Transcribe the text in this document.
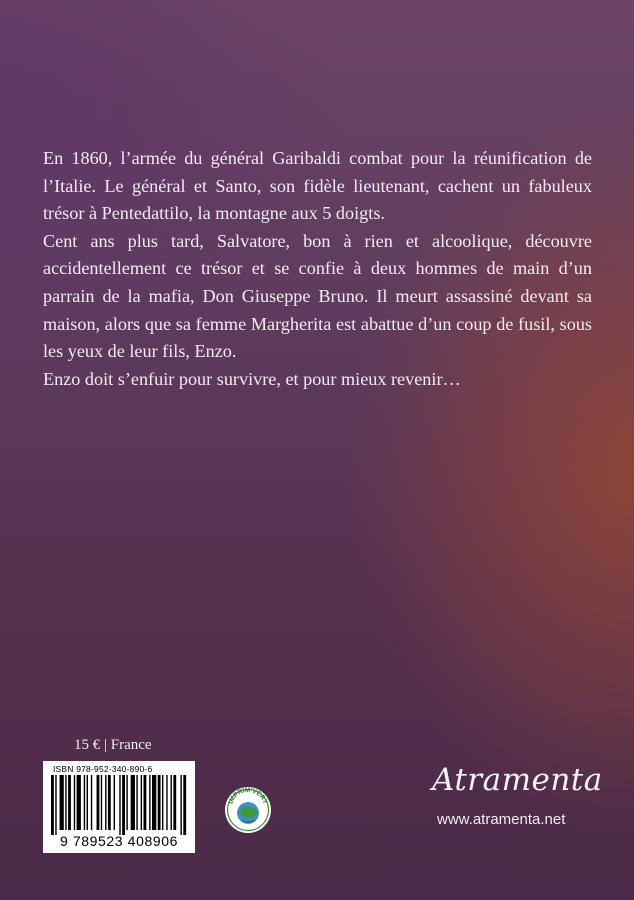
En 1860, l’armée du général Garibaldi combat pour la réunification de l’Italie. Le général et Santo, son fidèle lieutenant, cachent un fabuleux trésor à Pentedattilo, la montagne aux 5 doigts.

Cent ans plus tard, Salvatore, bon à rien et alcoolique, découvre accidentellement ce trésor et se confie à deux hommes de main d’un parrain de la mafia, Don Giuseppe Bruno. Il meurt assassiné devant sa maison, alors que sa femme Margherita est abattue d’un coup de fusil, sous les yeux de leur fils, Enzo.

Enzo doit s’enfuir pour survivre, et pour mieux revenir…

15 € | France
ISBN 978-952-340-890-6
9 789523 408906
IMPRIM'VERT
Atramenta
www.atramenta.net
